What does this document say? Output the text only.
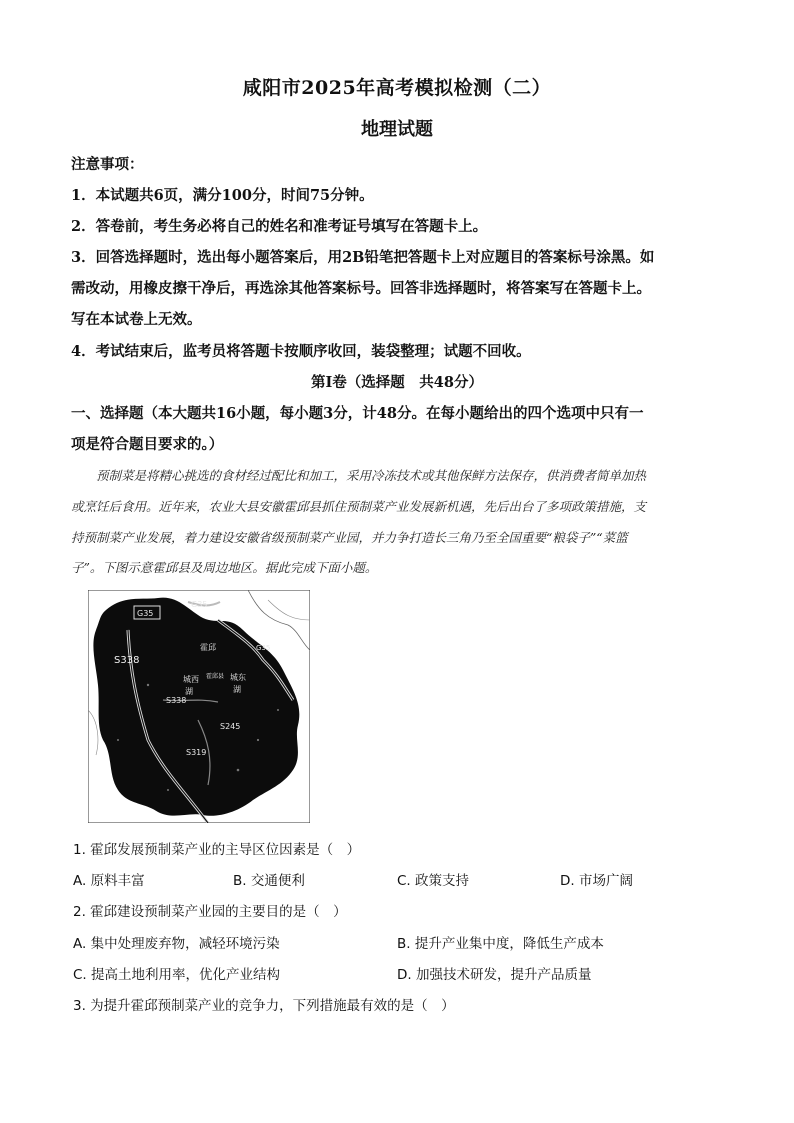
咸阳市2025年高考模拟检测（二）
地理试题
注意事项：
1．本试题共6页，满分100分，时间75分钟。
2．答卷前，考生务必将自己的姓名和准考证号填写在答题卡上。
3．回答选择题时，选出每小题答案后，用2B铅笔把答题卡上对应题目的答案标号涂黑。如
需改动，用橡皮擦干净后，再选涂其他答案标号。回答非选择题时，将答案写在答题卡上。
写在本试卷上无效。
4．考试结束后，监考员将答题卡按顺序收回，装袋整理；试题不回收。
第Ⅰ卷（选择题　共48分）
一、选择题（本大题共16小题，每小题3分，计48分。在每小题给出的四个选项中只有一
项是符合题目要求的。）
预制菜是将精心挑选的食材经过配比和加工，采用冷冻技术或其他保鲜方法保存，供消费者简单加热
或烹饪后食用。近年来，农业大县安徽霍邱县抓住预制菜产业发展新机遇，先后出台了多项政策措施，支
持预制菜产业发展，着力建设安徽省级预制菜产业园，并力争打造长三角乃至全国重要“粮袋子”“菜篮
子”。下图示意霍邱县及周边地区。据此完成下面小题。
G35
G35
S338
S338
S245
S319
霍邱
城西
湖
城东
湖
霍邱县
G35
1. 霍邱发展预制菜产业的主导区位因素是（　）
A. 原料丰富	B. 交通便利	C. 政策支持	D. 市场广阔
2. 霍邱建设预制菜产业园的主要目的是（　）
A. 集中处理废弃物，减轻环境污染	B. 提升产业集中度，降低生产成本
C. 提高土地利用率，优化产业结构	D. 加强技术研发，提升产品质量
3. 为提升霍邱预制菜产业的竞争力，下列措施最有效的是（　）
